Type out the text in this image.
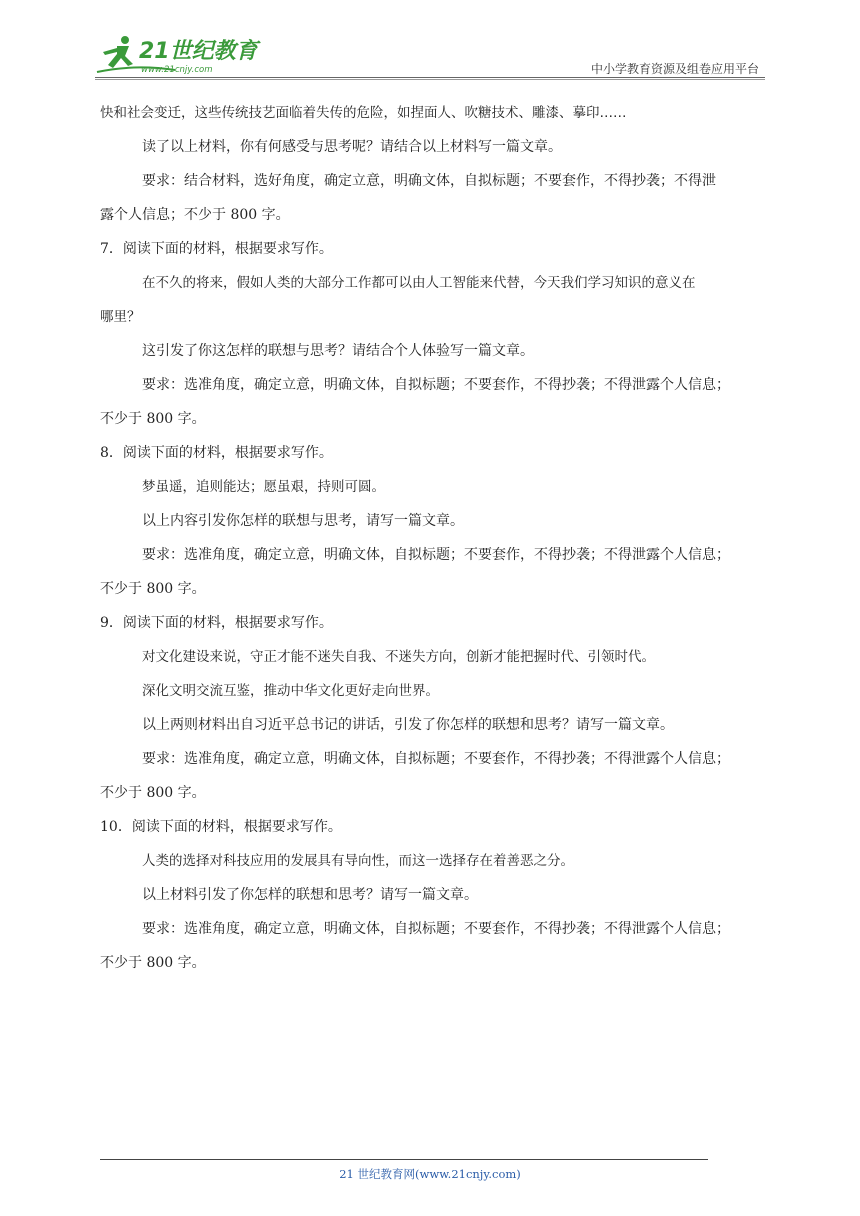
21世纪教育
www.21cnjy.com	中小学教育资源及组卷应用平台
快和社会变迁，这些传统技艺面临着失传的危险，如捏面人、吹糖技术、雕漆、摹印……
读了以上材料，你有何感受与思考呢？请结合以上材料写一篇文章。
要求：结合材料，选好角度，确定立意，明确文体，自拟标题；不要套作，不得抄袭；不得泄
露个人信息；不少于 800 字。
7．阅读下面的材料，根据要求写作。
在不久的将来，假如人类的大部分工作都可以由人工智能来代替，今天我们学习知识的意义在
哪里？
这引发了你这怎样的联想与思考？请结合个人体验写一篇文章。
要求：选准角度，确定立意，明确文体，自拟标题；不要套作，不得抄袭；不得泄露个人信息；
不少于 800 字。
8．阅读下面的材料，根据要求写作。
梦虽遥，追则能达；愿虽艰，持则可圆。
以上内容引发你怎样的联想与思考，请写一篇文章。
要求：选准角度，确定立意，明确文体，自拟标题；不要套作，不得抄袭；不得泄露个人信息；
不少于 800 字。
9．阅读下面的材料，根据要求写作。
对文化建设来说，守正才能不迷失自我、不迷失方向，创新才能把握时代、引领时代。
深化文明交流互鉴，推动中华文化更好走向世界。
以上两则材料出自习近平总书记的讲话，引发了你怎样的联想和思考？请写一篇文章。
要求：选准角度，确定立意，明确文体，自拟标题；不要套作，不得抄袭；不得泄露个人信息；
不少于 800 字。
10．阅读下面的材料，根据要求写作。
人类的选择对科技应用的发展具有导向性，而这一选择存在着善恶之分。
以上材料引发了你怎样的联想和思考？请写一篇文章。
要求：选准角度，确定立意，明确文体，自拟标题；不要套作，不得抄袭；不得泄露个人信息；
不少于 800 字。
21 世纪教育网(www.21cnjy.com)
